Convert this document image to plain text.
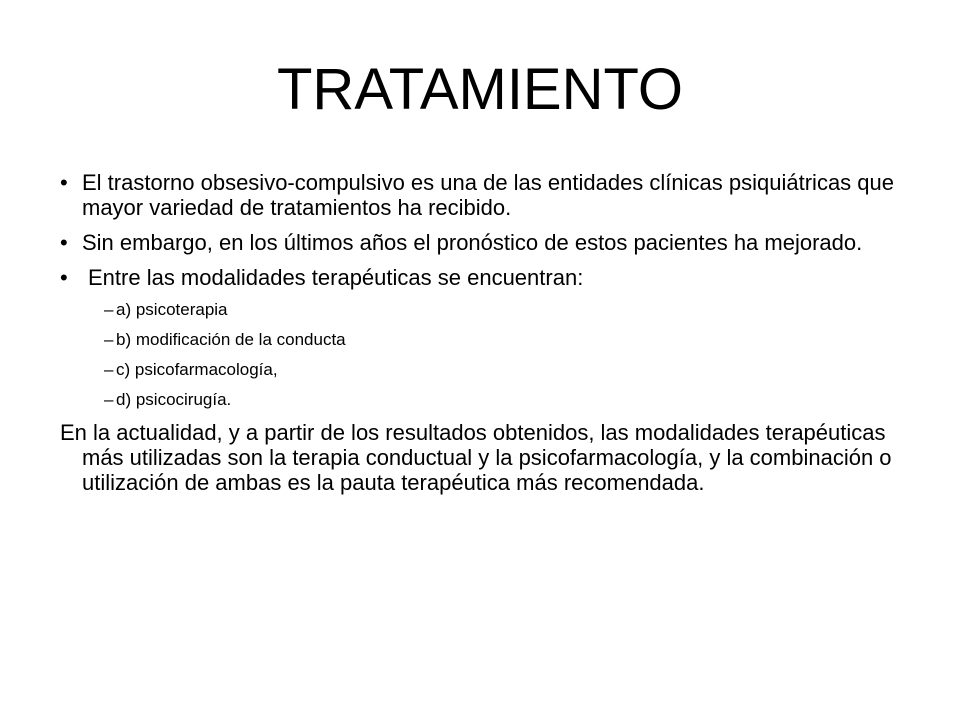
TRATAMIENTO
• El trastorno obsesivo-compulsivo es una de las entidades clínicas psiquiátricas que mayor variedad de tratamientos ha recibido.
• Sin embargo, en los últimos años el pronóstico de estos pacientes ha mejorado.
• Entre las modalidades terapéuticas se encuentran:
– a) psicoterapia
– b) modificación de la conducta
– c) psicofarmacología,
– d) psicocirugía.

En la actualidad, y a partir de los resultados obtenidos, las modalidades terapéuticas más utilizadas son la terapia conductual y la psicofarmacología, y la combinación o utilización de ambas es la pauta terapéutica más recomendada.
